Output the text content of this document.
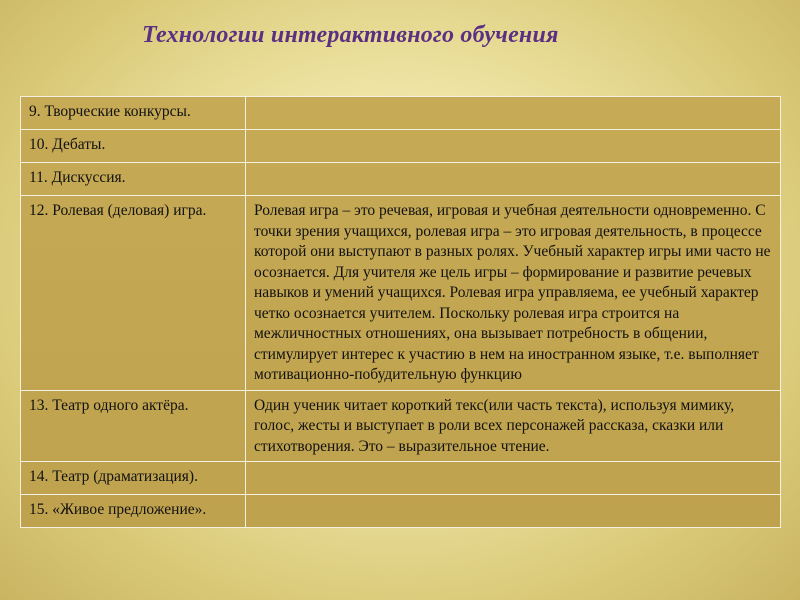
Технологии интерактивного обучения
9. Творческие конкурсы.	
10. Дебаты.	
11. Дискуссия.	
12. Ролевая (деловая) игра.	Ролевая игра – это речевая, игровая и учебная деятельности одновременно. С точки зрения учащихся, ролевая игра – это игровая деятельность, в процессе которой они выступают в разных ролях. Учебный характер игры ими часто не осознается. Для учителя же цель игры – формирование и развитие речевых навыков и умений учащихся. Ролевая игра управляема, ее учебный характер четко осознается учителем. Поскольку ролевая игра строится на межличностных отношениях, она вызывает потребность в общении, стимулирует интерес к участию в нем на иностранном языке, т.е. выполняет мотивационно-побудительную функцию
13. Театр одного актёра.	Один ученик читает короткий текс(или часть текста), используя мимику, голос, жесты и выступает в роли всех персонажей рассказа, сказки или стихотворения. Это – выразительное чтение.
14. Театр (драматизация).	
15. «Живое предложение».	
